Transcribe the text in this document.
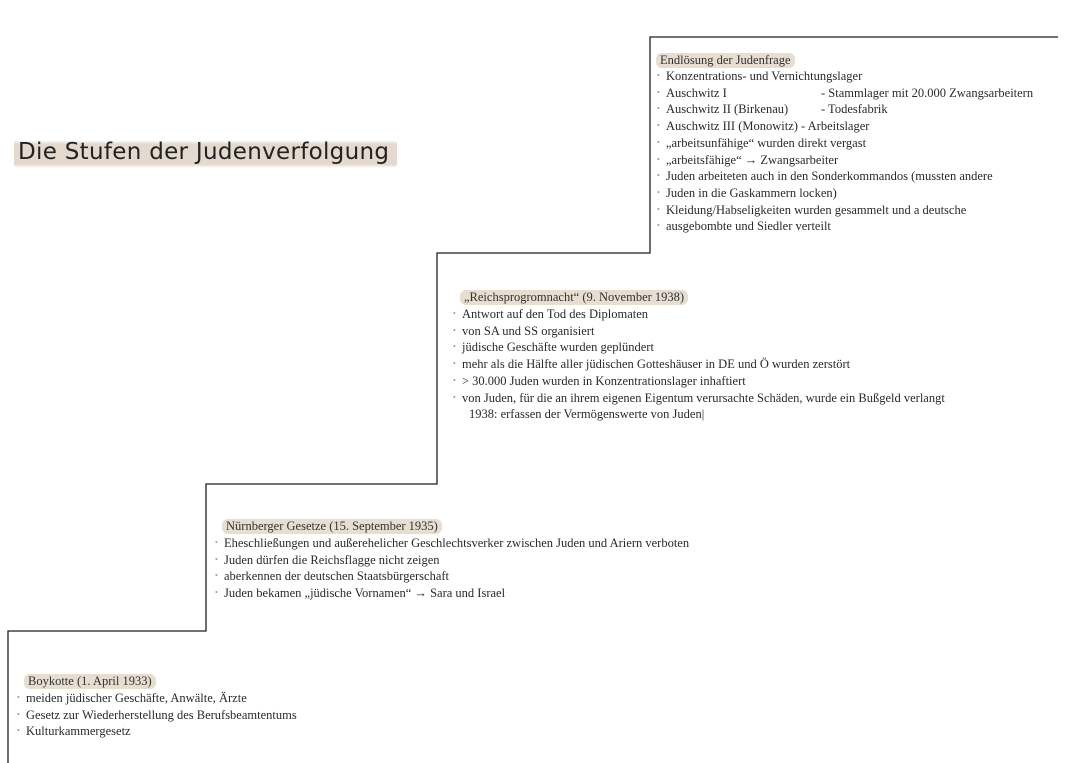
Die Stufen der Judenverfolgung
Endlösung der Judenfrage
• Konzentrations- und Vernichtungslager
• Auschwitz I	- Stammlager mit 20.000 Zwangsarbeitern
• Auschwitz II (Birkenau)	- Todesfabrik
• Auschwitz III (Monowitz) - Arbeitslager
• „arbeitsunfähige“ wurden direkt vergast
• „arbeitsfähige“ → Zwangsarbeiter
• Juden arbeiteten auch in den Sonderkommandos (mussten andere
• Juden in die Gaskammern locken)
• Kleidung/Habseligkeiten wurden gesammelt und a deutsche
• ausgebombte und Siedler verteilt
„Reichsprogromnacht“ (9. November 1938)
• Antwort auf den Tod des Diplomaten
• von SA und SS organisiert
• jüdische Geschäfte wurden geplündert
• mehr als die Hälfte aller jüdischen Gotteshäuser in DE und Ö wurden zerstört
• > 30.000 Juden wurden in Konzentrationslager inhaftiert
• von Juden, für die an ihrem eigenen Eigentum verursachte Schäden, wurde ein Bußgeld verlangt
1938: erfassen der Vermögenswerte von Juden|
Nürnberger Gesetze (15. September 1935)
• Eheschließungen und außerehelicher Geschlechtsverker zwischen Juden und Ariern verboten
• Juden dürfen die Reichsflagge nicht zeigen
• aberkennen der deutschen Staatsbürgerschaft
• Juden bekamen „jüdische Vornamen“ → Sara und Israel
Boykotte (1. April 1933)
• meiden jüdischer Geschäfte, Anwälte, Ärzte
• Gesetz zur Wiederherstellung des Berufsbeamtentums
• Kulturkammergesetz
